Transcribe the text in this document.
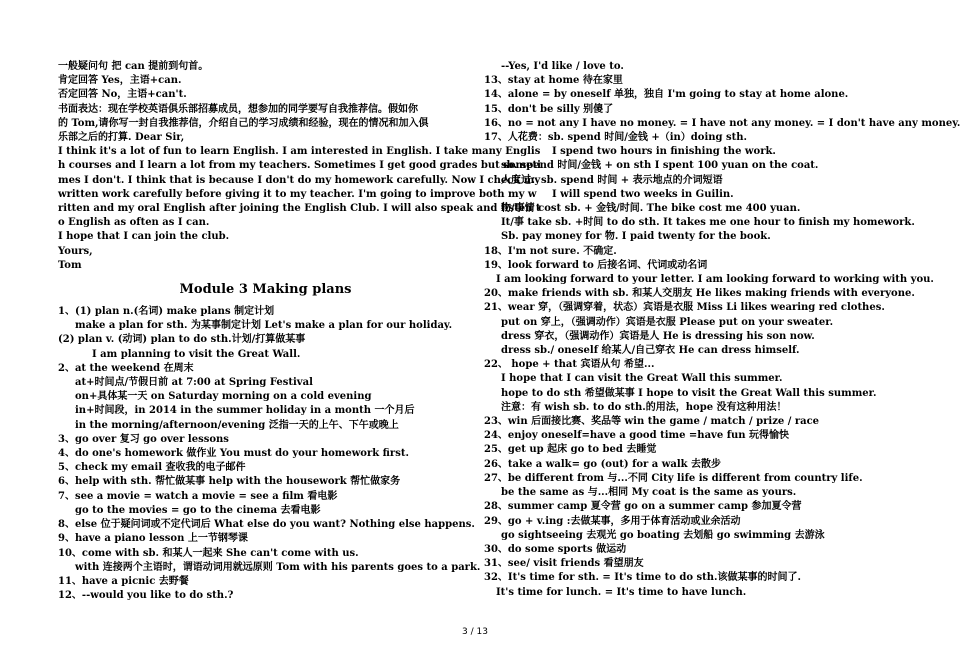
一般疑问句 把 can 提前到句首。
肯定回答 Yes，主语+can.
否定回答 No，主语+can't.
书面表达：现在学校英语俱乐部招募成员，想参加的同学要写自我推荐信。假如你
的 Tom,请你写一封自我推荐信，介绍自己的学习成绩和经验，现在的情况和加入俱
乐部之后的打算. Dear Sir,
I think it's a lot of fun to learn English. I am interested in English. I take many Englis
h courses and I learn a lot from my teachers. Sometimes I get good grades but someti
mes I don't. I think that is because I don't do my homework carefully. Now I check my
written work carefully before giving it to my teacher. I'm going to improve both my w
ritten and my oral English after joining the English Club. I will also speak and listen t
o English as often as I can.
I hope that I can join the club.
Yours,
Tom
Module 3 Making plans
1、(1) plan n.(名词) make plans 制定计划
make a plan for sth. 为某事制定计划 Let's make a plan for our holiday.
(2) plan v. (动词) plan to do sth.计划/打算做某事
I am planning to visit the Great Wall.
2、at the weekend 在周末
at+时间点/节假日前 at 7:00 at Spring Festival
on+具体某一天 on Saturday morning on a cold evening
in+时间段，in 2014 in the summer holiday in a month 一个月后
in the morning/afternoon/evening 泛指一天的上午、下午或晚上
3、go over 复习 go over lessons
4、do one's homework 做作业 You must do your homework first.
5、check my email 查收我的电子邮件
6、help with sth. 帮忙做某事 help with the housework 帮忙做家务
7、see a movie = watch a movie = see a film 看电影
go to the movies = go to the cinema 去看电影
8、else 位于疑问词或不定代词后 What else do you want? Nothing else happens.
9、have a piano lesson 上一节钢琴课
10、come with sb. 和某人一起来 She can't come with us.
with 连接两个主语时，谓语动词用就远原则 Tom with his parents goes to a park.
11、have a picnic 去野餐
12、--would you like to do sth.?
--Yes, I'd like / love to.
13、stay at home 待在家里
14、alone = by oneself 单独，独自 I'm going to stay at home alone.
15、don't be silly 别傻了
16、no = not any I have no money. = I have not any money. = I don't have any money.
17、人花费：sb. spend 时间/金钱 +（in）doing sth.
I spend two hours in finishing the work.
sb. spend 时间/金钱 + on sth I spent 100 yuan on the coat.
人度过：sb. spend 时间 + 表示地点的介词短语
I will spend two weeks in Guilin.
物/事情 cost sb. + 金钱/时间. The bike cost me 400 yuan.
It/事 take sb. +时间 to do sth. It takes me one hour to finish my homework.
Sb. pay money for 物. I paid twenty for the book.
18、I'm not sure. 不确定.
19、look forward to 后接名词、代词或动名词
I am looking forward to your letter. I am looking forward to working with you.
20、make friends with sb. 和某人交朋友 He likes making friends with everyone.
21、wear 穿，（强调穿着，状态）宾语是衣服 Miss Li likes wearing red clothes.
put on 穿上，（强调动作）宾语是衣服 Please put on your sweater.
dress 穿衣，（强调动作）宾语是人 He is dressing his son now.
dress sb./ oneself 给某人/自己穿衣 He can dress himself.
22、 hope + that 宾语从句 希望...
I hope that I can visit the Great Wall this summer.
hope to do sth 希望做某事 I hope to visit the Great Wall this summer.
注意：有 wish sb. to do sth.的用法，hope 没有这种用法！
23、win 后面接比赛、奖品等 win the game / match / prize / race
24、enjoy oneself=have a good time =have fun 玩得愉快
25、get up 起床 go to bed 去睡觉
26、take a walk= go (out) for a walk 去散步
27、be different from 与...不同 City life is different from country life.
be the same as 与...相同 My coat is the same as yours.
28、summer camp 夏令营 go on a summer camp 参加夏令营
29、go + v.ing :去做某事，多用于体育活动或业余活动
go sightseeing 去观光 go boating 去划船 go swimming 去游泳
30、do some sports 做运动
31、see/ visit friends 看望朋友
32、It's time for sth. = It's time to do sth.该做某事的时间了.
It's time for lunch. = It's time to have lunch.
3 / 13
